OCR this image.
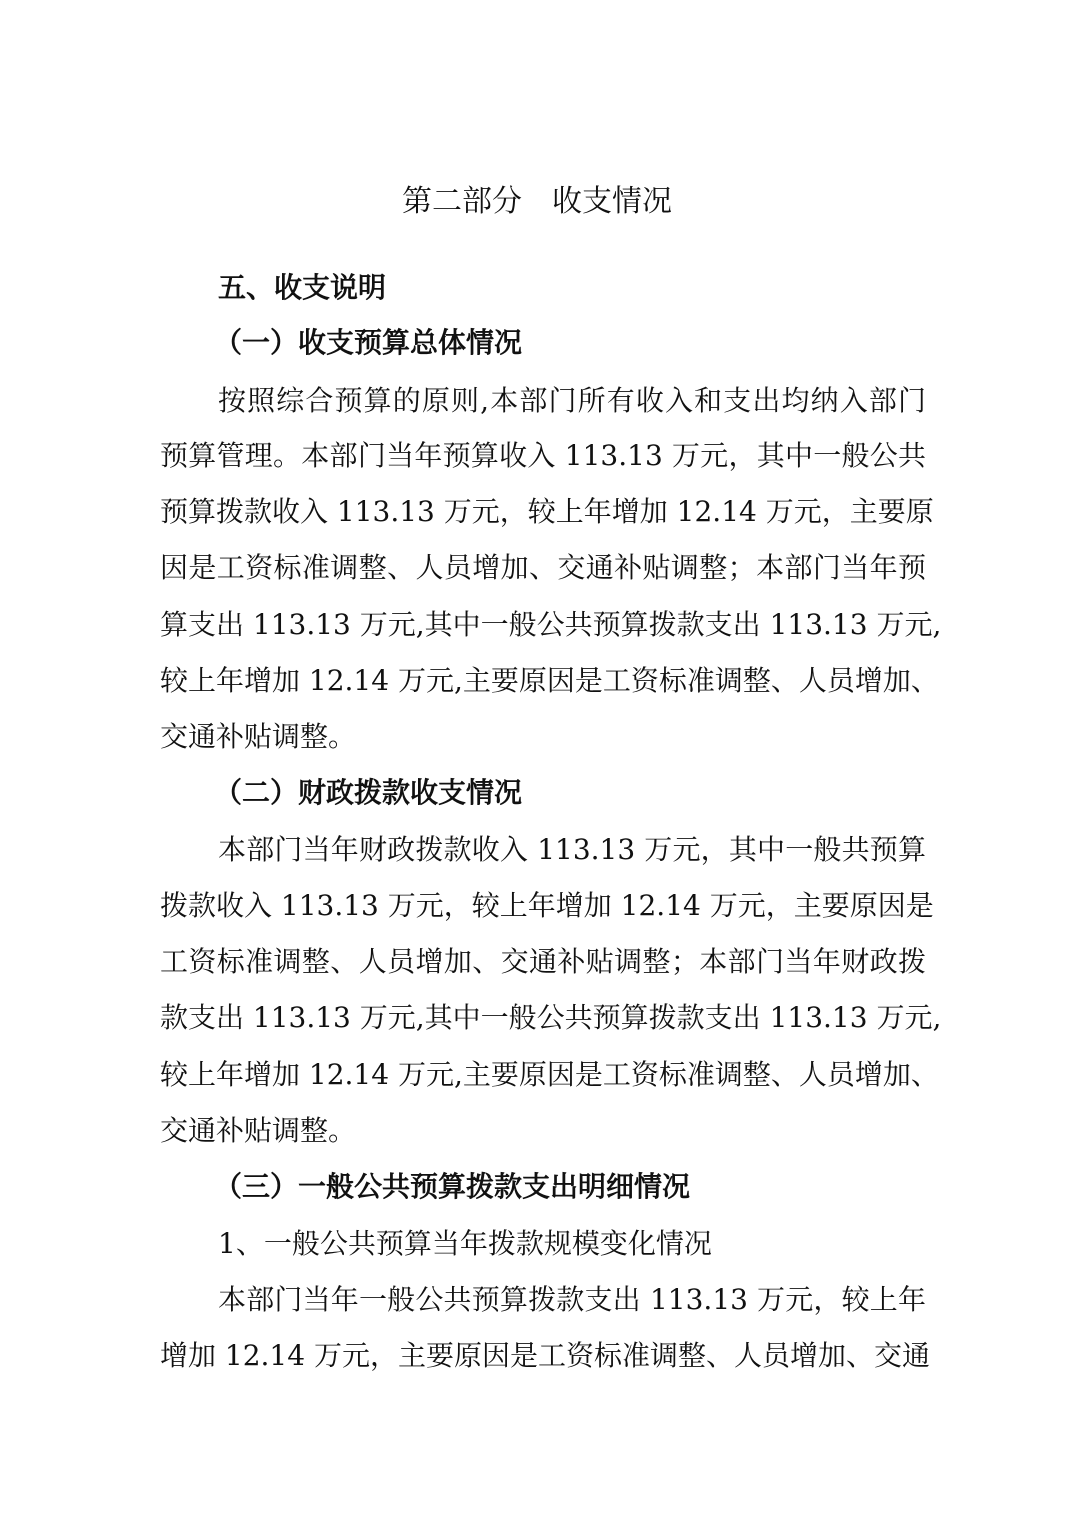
第二部分　收支情况
五、收支说明
（一）收支预算总体情况
按照综合预算的原则,本部门所有收入和支出均纳入部门
预算管理。本部门当年预算收入 113.13 万元，其中一般公共
预算拨款收入 113.13 万元，较上年增加 12.14 万元，主要原
因是工资标准调整、人员增加、交通补贴调整；本部门当年预
算支出 113.13 万元,其中一般公共预算拨款支出 113.13 万元,
较上年增加 12.14 万元,主要原因是工资标准调整、人员增加、
交通补贴调整。
（二）财政拨款收支情况
本部门当年财政拨款收入 113.13 万元，其中一般共预算
拨款收入 113.13 万元，较上年增加 12.14 万元，主要原因是
工资标准调整、人员增加、交通补贴调整；本部门当年财政拨
款支出 113.13 万元,其中一般公共预算拨款支出 113.13 万元,
较上年增加 12.14 万元,主要原因是工资标准调整、人员增加、
交通补贴调整。
（三）一般公共预算拨款支出明细情况
1、一般公共预算当年拨款规模变化情况
本部门当年一般公共预算拨款支出 113.13 万元，较上年
增加 12.14 万元，主要原因是工资标准调整、人员增加、交通
